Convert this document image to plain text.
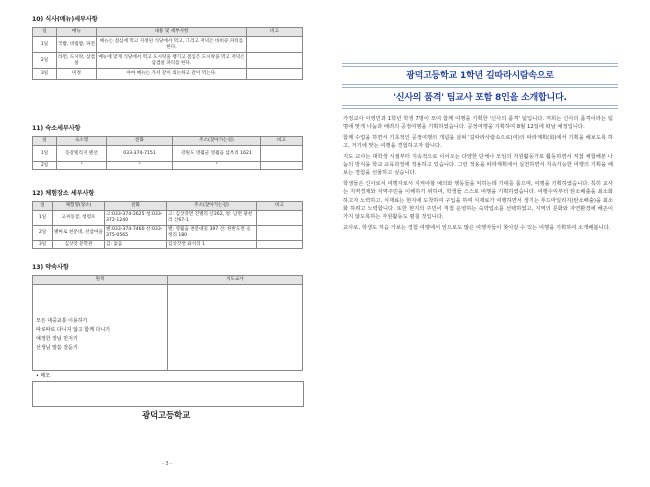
10) 식사(메뉴)세부사항
일	메뉴	내용 및 세부사항	비고
1일	국밥, 비빔밥, 파전	메뉴는 점심에 먹고 지정된 식당에서 먹고, 그리고 저녁은 바비큐 파티를 한다.	
2일	라면, 도시락, 삼겹살	메뉴에 맞게 식당에서 먹고 도시락을 챙기고 점심은 도시락을 먹고 저녁은 삼겹살 파티를 한다.	
3일	미정	아마 메뉴는 가서 같이 의논하고 같이 먹는다.	
11) 숙소세부사항
일	숙소명	전화	주소(찾아가는길)	비고
1일	동강빌리지 펜션	033-374-7151	강원도 영월군 영월읍 삼옥리 1621	
2일	"	"	"	
12) 체험장소 세부사항
일	체험명(장소)	전화	주소(찾아가는길)	비고
1일	고씨동굴, 청령포	고:033-374-2625 청:033-372-1240	고: 김삿갓면 진별리 산262, 청: 남면 광천리 산67-1	
2일	별마로 천문대, 선암마을	별:033-374-7460 선:033-375-0565	별: 영월읍 천문대길 397 선: 한반도면 옹정리 180	
3일	김삿갓 문학관	김: 없음	김삿갓면 와석리 1	
13) 약속사항
원칙	지도교사

모든 대중교통 이용하기
따로따로 다니지 않고 함께 다니기
예정한 장님 만지기
선생님 말씀 잘듣기	

• 메모
광덕고등학교
- 3 -
광덕고등학교 1학년 길따라시람속으로
'신사의 품격' 팀교사 포함 8인을 소개합니다.

가정교사 이영민과 1학년 학생 7명이 모여 함께 여행을 기획한 '신사의 품격' 팀입니다. 저희는 신사의 품격이라는 팀명에 맞게 나눔과 배려의 공정여행을 기획하였습니다. 공정여행을 기획하여 8월 12일에 떠날 예정입니다.

함께 수업을 하면서 기초적인 공정여행의 개념을 살펴 '길따라사람속으로(여)의 따라계획(회)에서 기획을 해보도록 하고, 거기에 맞는 여행을 경험하고자 합니다.

지도 교사는 대학생 시절부터 지속적으로 이어오는 다양한 단체나 모임의 자원활동가로 활동하면서 직접 체험해본 나눔의 방식을 학교 교육과정에 적용하고 있습니다. 그런 적용을 따라계획에서 실천하면서 지속가능한 여행의 기획을 해보는 경험을 선물하고 싶습니다.

학생들은 신사로서 여행자로서 지켜야할 예의와 행동들을 익히는데 기대를 품으며, 여행을 기획하였습니다. 특히 교사는 지역경제와 지역주민을 이해하기 위하여, 학생들 스스로 여행을 기획하였습니다. 여행수익부터 탄소배출을 최소화 하고자 노력하고, 식재료는 현지에 도착하여 구입을 하며 식재료가 여행하면서 생기는 푸드마일리지(탄소배출)을 최소화 하려고 노력합니다. 또한 현지의 주민이 직접 운영하는 숙박업소를 선택하였고, 지역의 문화와 자연환경에 해손이 가지 않도록하는 자원활동도 펼칠 것입니다.

교사로, 학생도 처음 가보는 경험 여행에서 앞으로도 많은 여행자들이 찾아갈 수 있는 여행을 기획하여 소개해봅니다.
